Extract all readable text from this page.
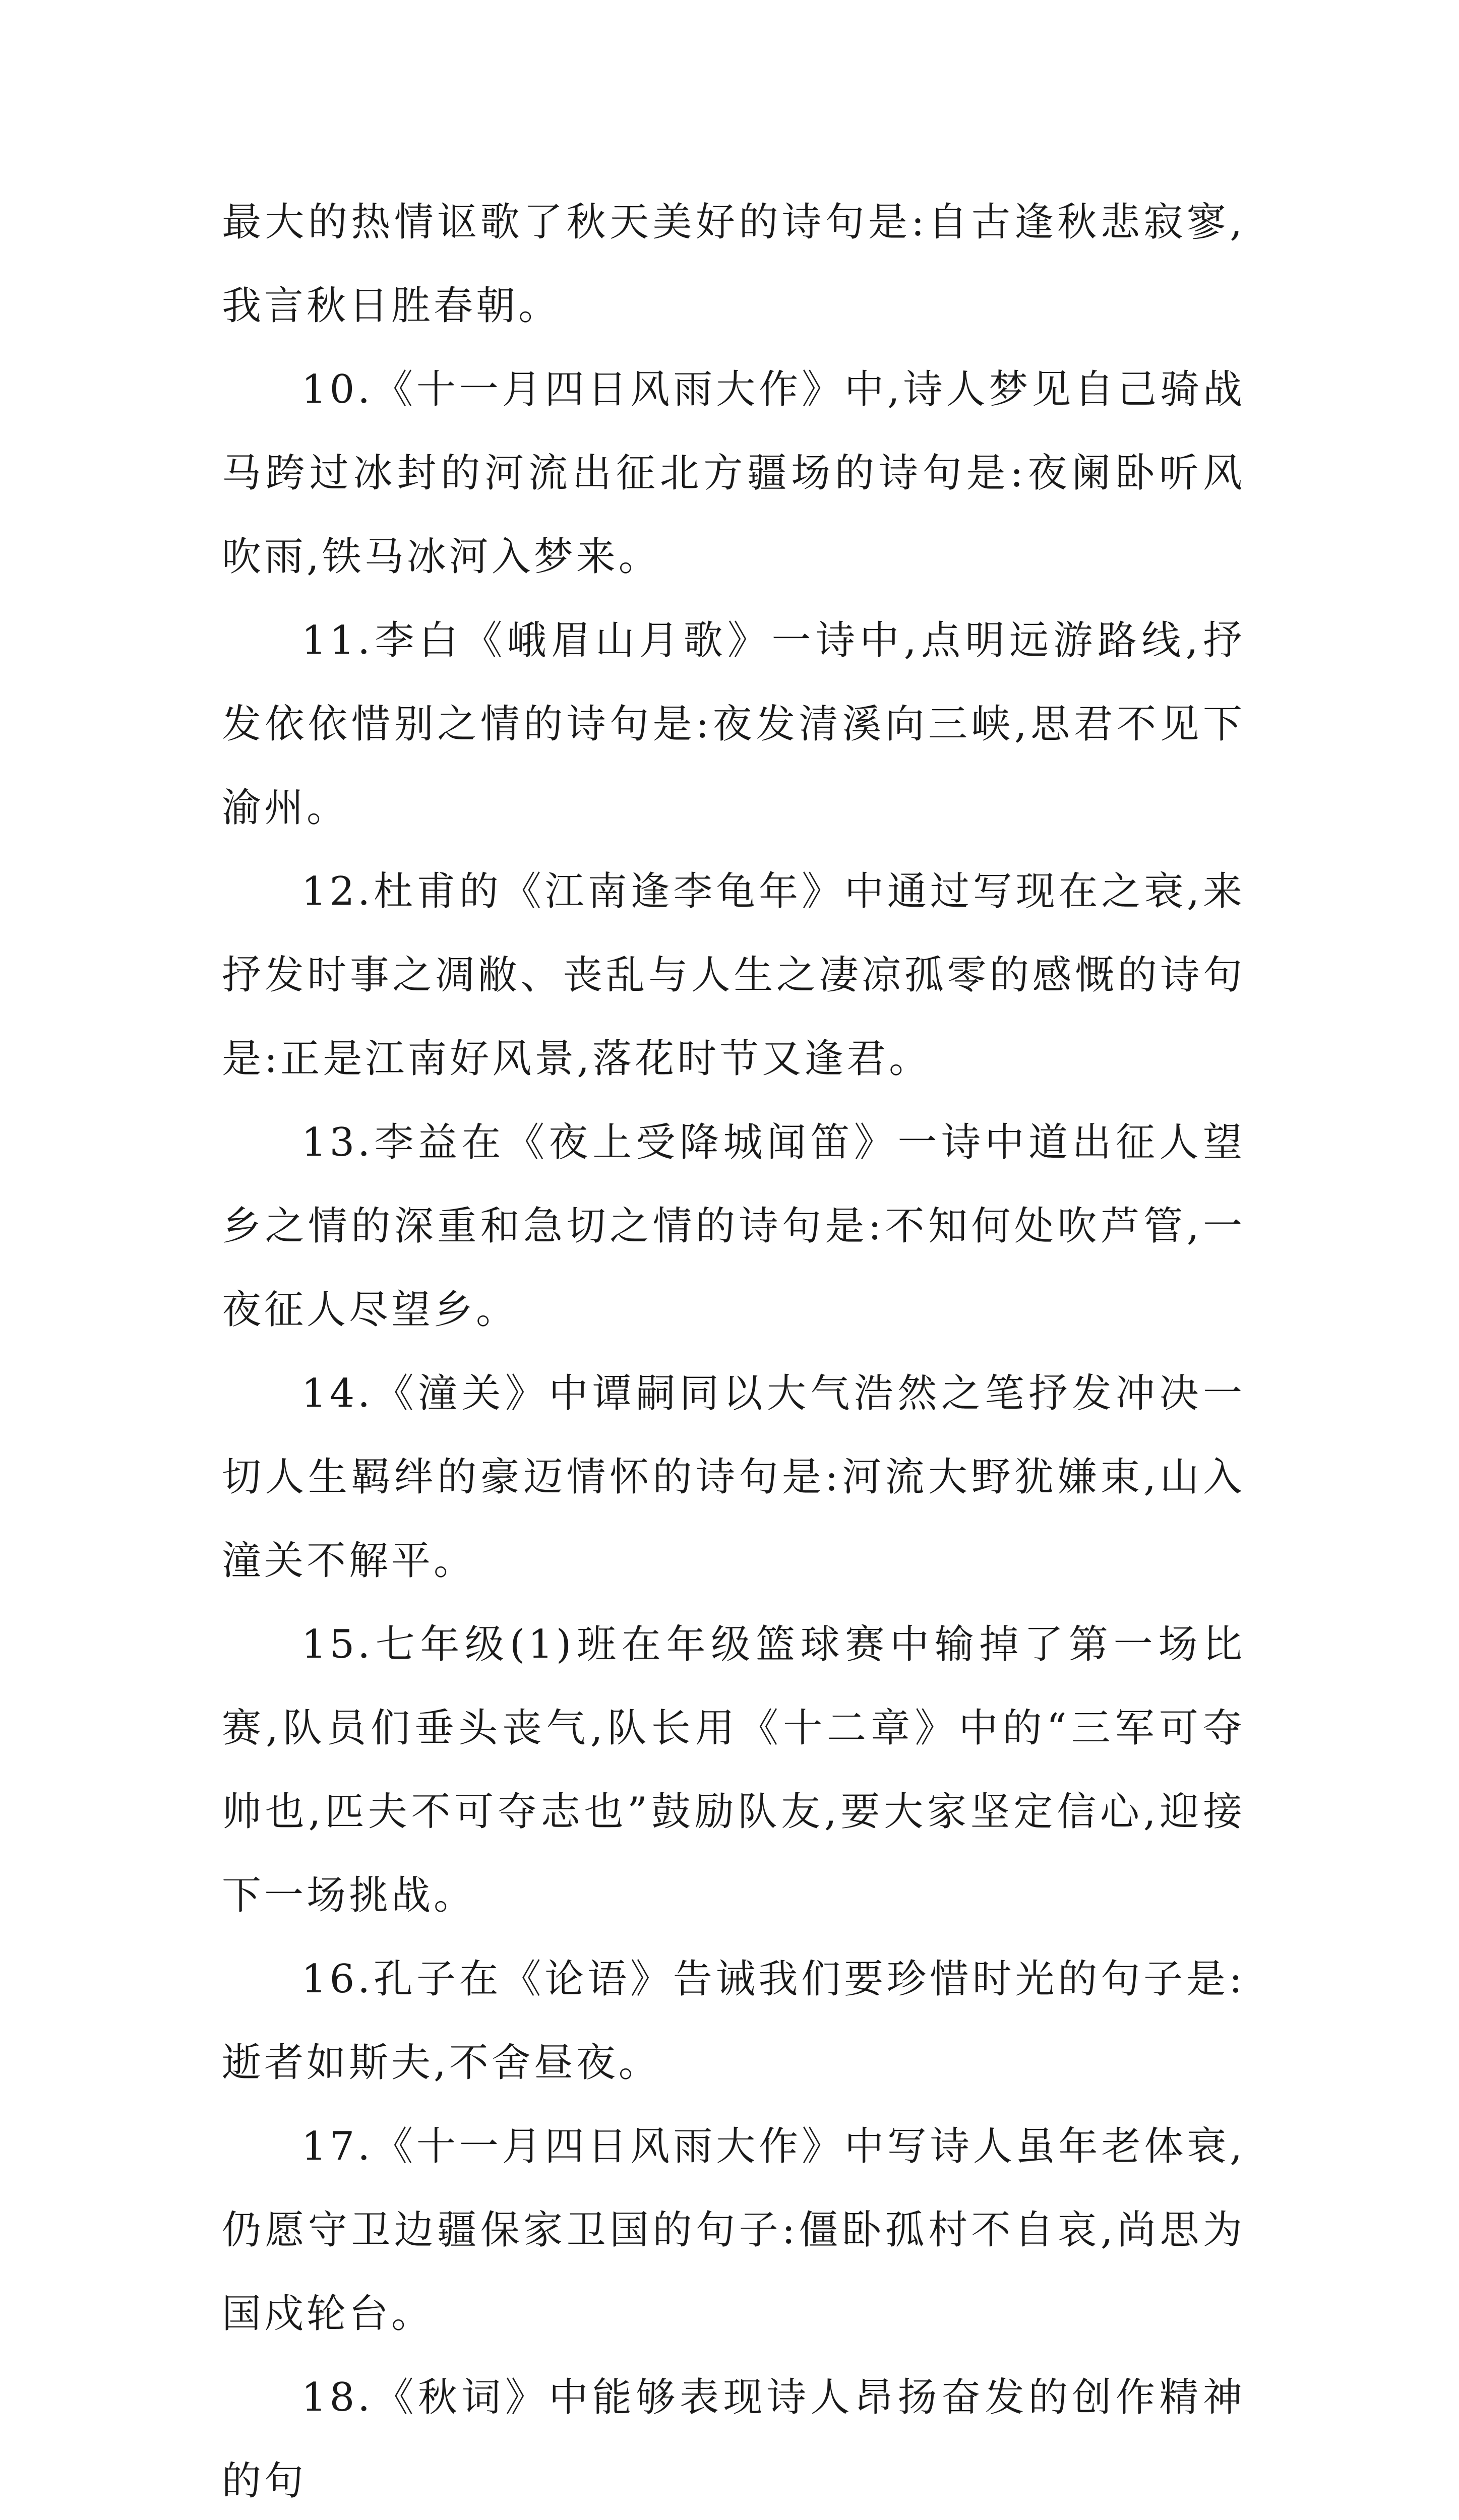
最大的热情讴歌了秋天美好的诗句是:自古逢秋悲寂寥,我言秋日胜春朝。

10.《十一月四日风雨大作》中,诗人梦见自己骑战马跨过冰封的河流出征北方疆场的诗句是:夜阑卧听风吹雨,铁马冰河入梦来。

11.李白《峨眉山月歌》一诗中,点明远游路线,抒发依依惜别之情的诗句是:夜发清溪向三峡,思君不见下渝州。

12.杜甫的《江南逢李龟年》中通过写现在之衰,来抒发时事之凋敝、丧乱与人生之凄凉孤零的感慨的诗句是:正是江南好风景,落花时节又逢君。

13.李益在《夜上受降城闻笛》一诗中道出征人望乡之情的深重和急切之情的诗句是:不知何处吹芦管,一夜征人尽望乡。

14.《潼关》中谭嗣同以大气浩然之笔抒发冲决一切人生羁绊的豪迈情怀的诗句是:河流大野犹嫌束,山入潼关不解平。

15.七年级(1)班在年级篮球赛中输掉了第一场比赛,队员们垂头丧气,队长用《十二章》中的“三军可夺帅也,匹夫不可夺志也”鼓励队友,要大家坚定信心,迎接下一场挑战。

16.孔子在《论语》告诫我们要珍惜时光的句子是:逝者如斯夫,不舍昼夜。

17.《十一月四日风雨大作》中写诗人虽年老体衰,仍愿守卫边疆保家卫国的句子:僵卧孤村不自哀,尚思为国戍轮台。

18.《秋词》中能够表现诗人昂扬奋发的创作精神的句
